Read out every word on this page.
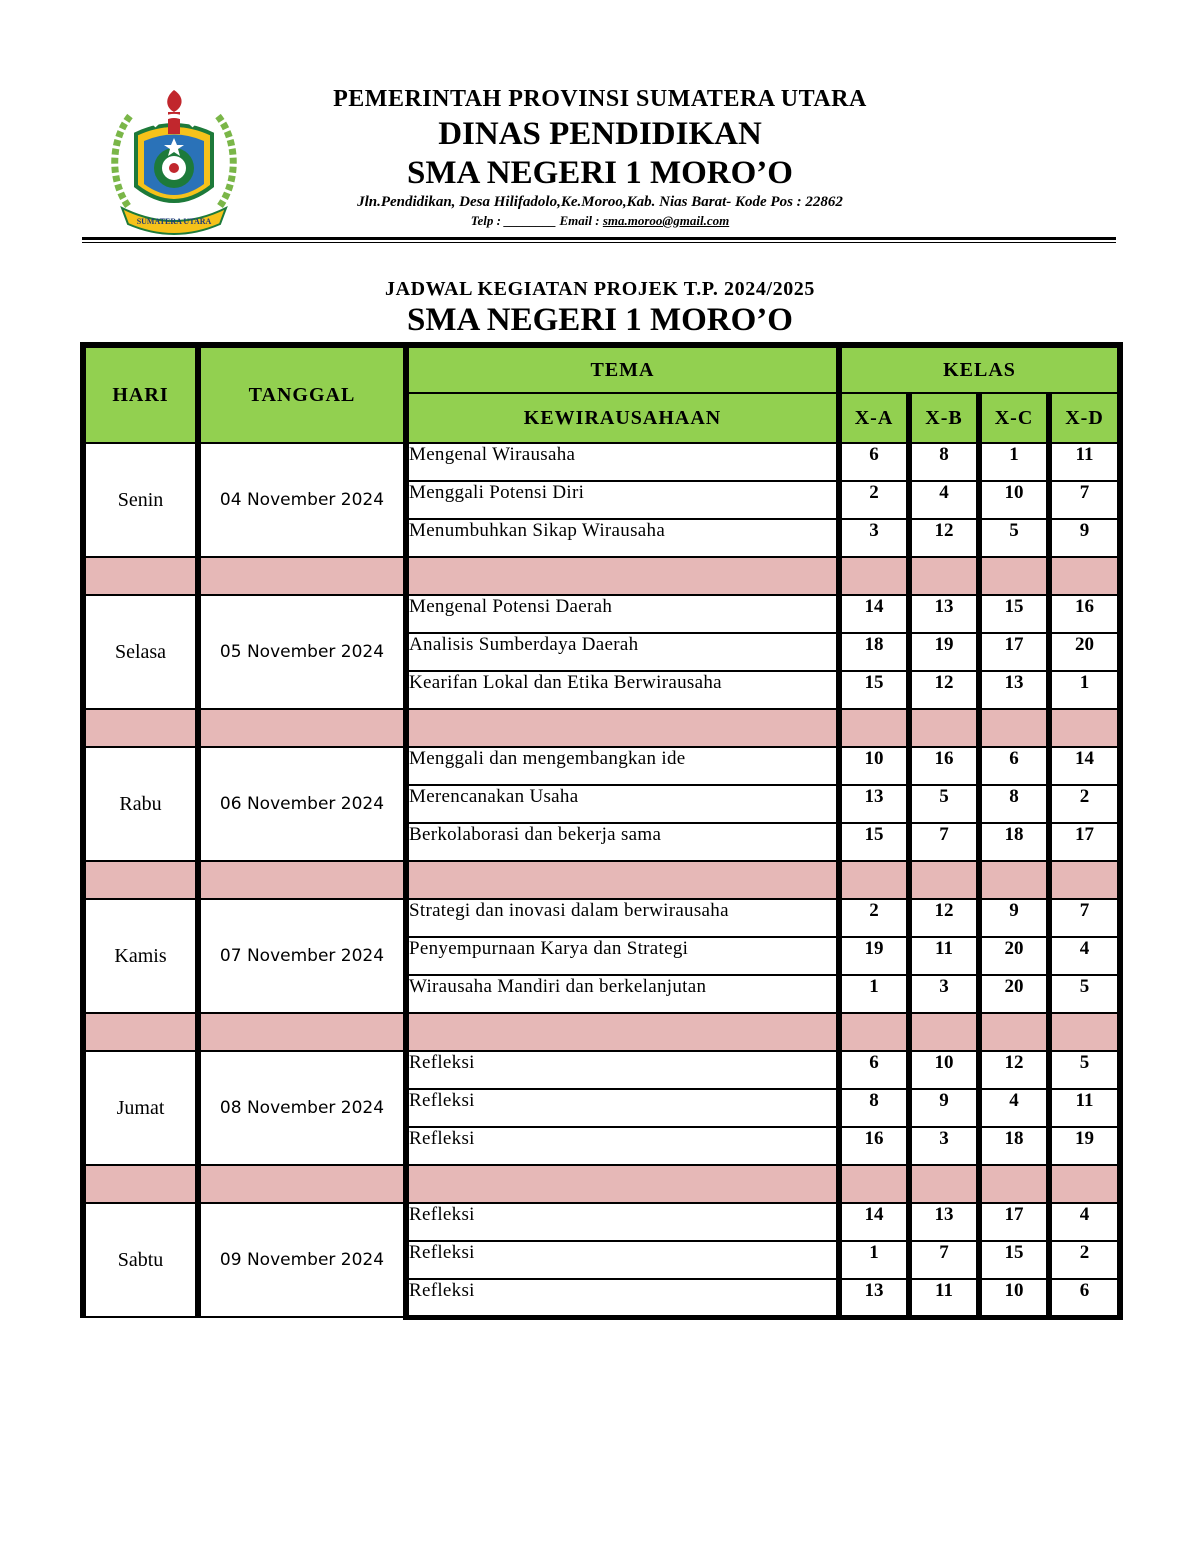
SUMATERA UTARA
PEMERINTAH PROVINSI SUMATERA UTARA
DINAS PENDIDIKAN
SMA NEGERI 1 MORO’O
Jln.Pendidikan, Desa Hilifadolo,Ke.Moroo,Kab. Nias Barat- Kode Pos : 22862
Telp : ________ Email : sma.moroo@gmail.com
JADWAL KEGIATAN PROJEK T.P. 2024/2025
SMA NEGERI 1 MORO’O
HARI	TANGGAL	TEMA	KELAS			
		KEWIRAUSAHAAN	X-A	X-B	X-C	X-D
Senin	04 November 2024	Mengenal Wirausaha	6	8	1	11
		Menggali Potensi Diri	2	4	10	7
		Menumbuhkan Sikap Wirausaha	3	12	5	9

Selasa	05 November 2024	Mengenal Potensi Daerah	14	13	15	16
		Analisis Sumberdaya Daerah	18	19	17	20
		Kearifan Lokal dan Etika Berwirausaha	15	12	13	1

Rabu	06 November 2024	Menggali dan mengembangkan ide	10	16	6	14
		Merencanakan Usaha	13	5	8	2
		Berkolaborasi dan bekerja sama	15	7	18	17

Kamis	07 November 2024	Strategi dan inovasi dalam berwirausaha	2	12	9	7
		Penyempurnaan Karya dan Strategi	19	11	20	4
		Wirausaha Mandiri dan berkelanjutan	1	3	20	5

Jumat	08 November 2024	Refleksi	6	10	12	5
		Refleksi	8	9	4	11
		Refleksi	16	3	18	19

Sabtu	09 November 2024	Refleksi	14	13	17	4
		Refleksi	1	7	15	2
		Refleksi	13	11	10	6
